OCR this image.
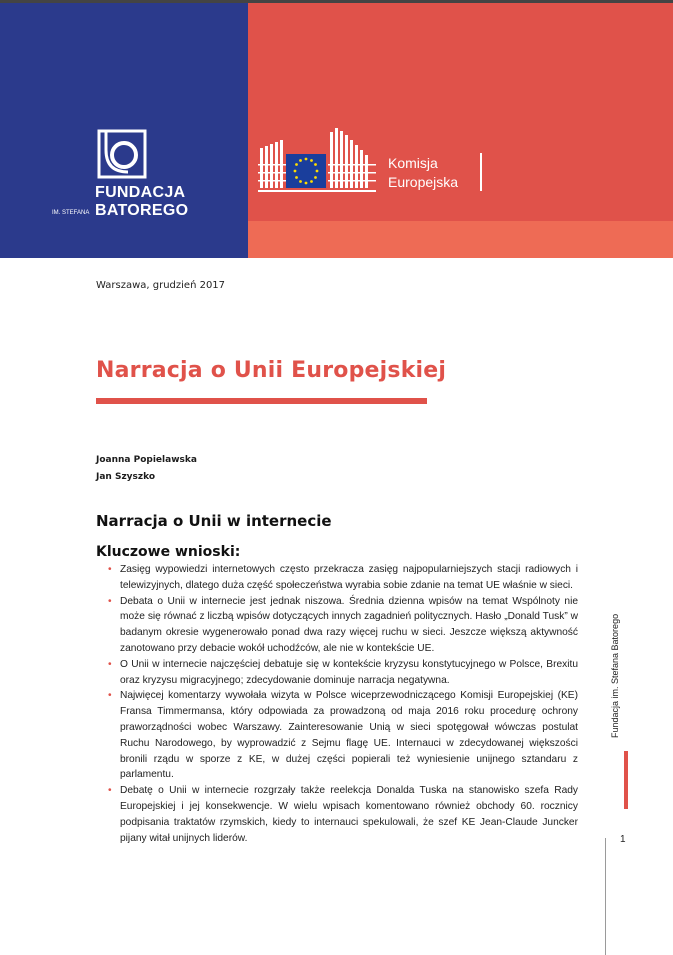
FUNDACJA
IM. STEFANA BATOREGO
Komisja
Europejska
Warszawa, grudzień 2017
Narracja o Unii Europejskiej
Joanna Popielawska
Jan Szyszko
Narracja o Unii w internecie
Kluczowe wnioski:
• Zasięg wypowiedzi internetowych często przekracza zasięg najpopularniejszych stacji radiowych i telewizyjnych, dlatego duża część społeczeństwa wyrabia sobie zdanie na temat UE właśnie w sieci.
• Debata o Unii w internecie jest jednak niszowa. Średnia dzienna wpisów na temat Wspólnoty nie może się równać z liczbą wpisów dotyczących innych zagadnień politycznych. Hasło „Donald Tusk” w badanym okresie wygenerowało ponad dwa razy więcej ruchu w sieci. Jeszcze większą aktywność zanotowano przy debacie wokół uchodźców, ale nie w kontekście UE.
• O Unii w internecie najczęściej debatuje się w kontekście kryzysu konstytucyjnego w Polsce, Brexitu oraz kryzysu migracyjnego; zdecydowanie dominuje narracja negatywna.
• Najwięcej komentarzy wywołała wizyta w Polsce wiceprzewodniczącego Komisji Europejskiej (KE) Fransa Timmermansa, który odpowiada za prowadzoną od maja 2016 roku procedurę ochrony praworządności wobec Warszawy. Zainteresowanie Unią w sieci spotęgował wówczas postulat Ruchu Narodowego, by wyprowadzić z Sejmu flagę UE. Internauci w zdecydowanej większości bronili rządu w sporze z KE, w dużej części popierali też wyniesienie unijnego sztandaru z parlamentu.
• Debatę o Unii w internecie rozgrzały także reelekcja Donalda Tuska na stanowisko szefa Rady Europejskiej i jej konsekwencje. W wielu wpisach komentowano również obchody 60. rocznicy podpisania traktatów rzymskich, kiedy to internauci spekulowali, że szef KE Jean-Claude Juncker pijany witał unijnych liderów.
Fundacja im. Stefana Batorego
1
